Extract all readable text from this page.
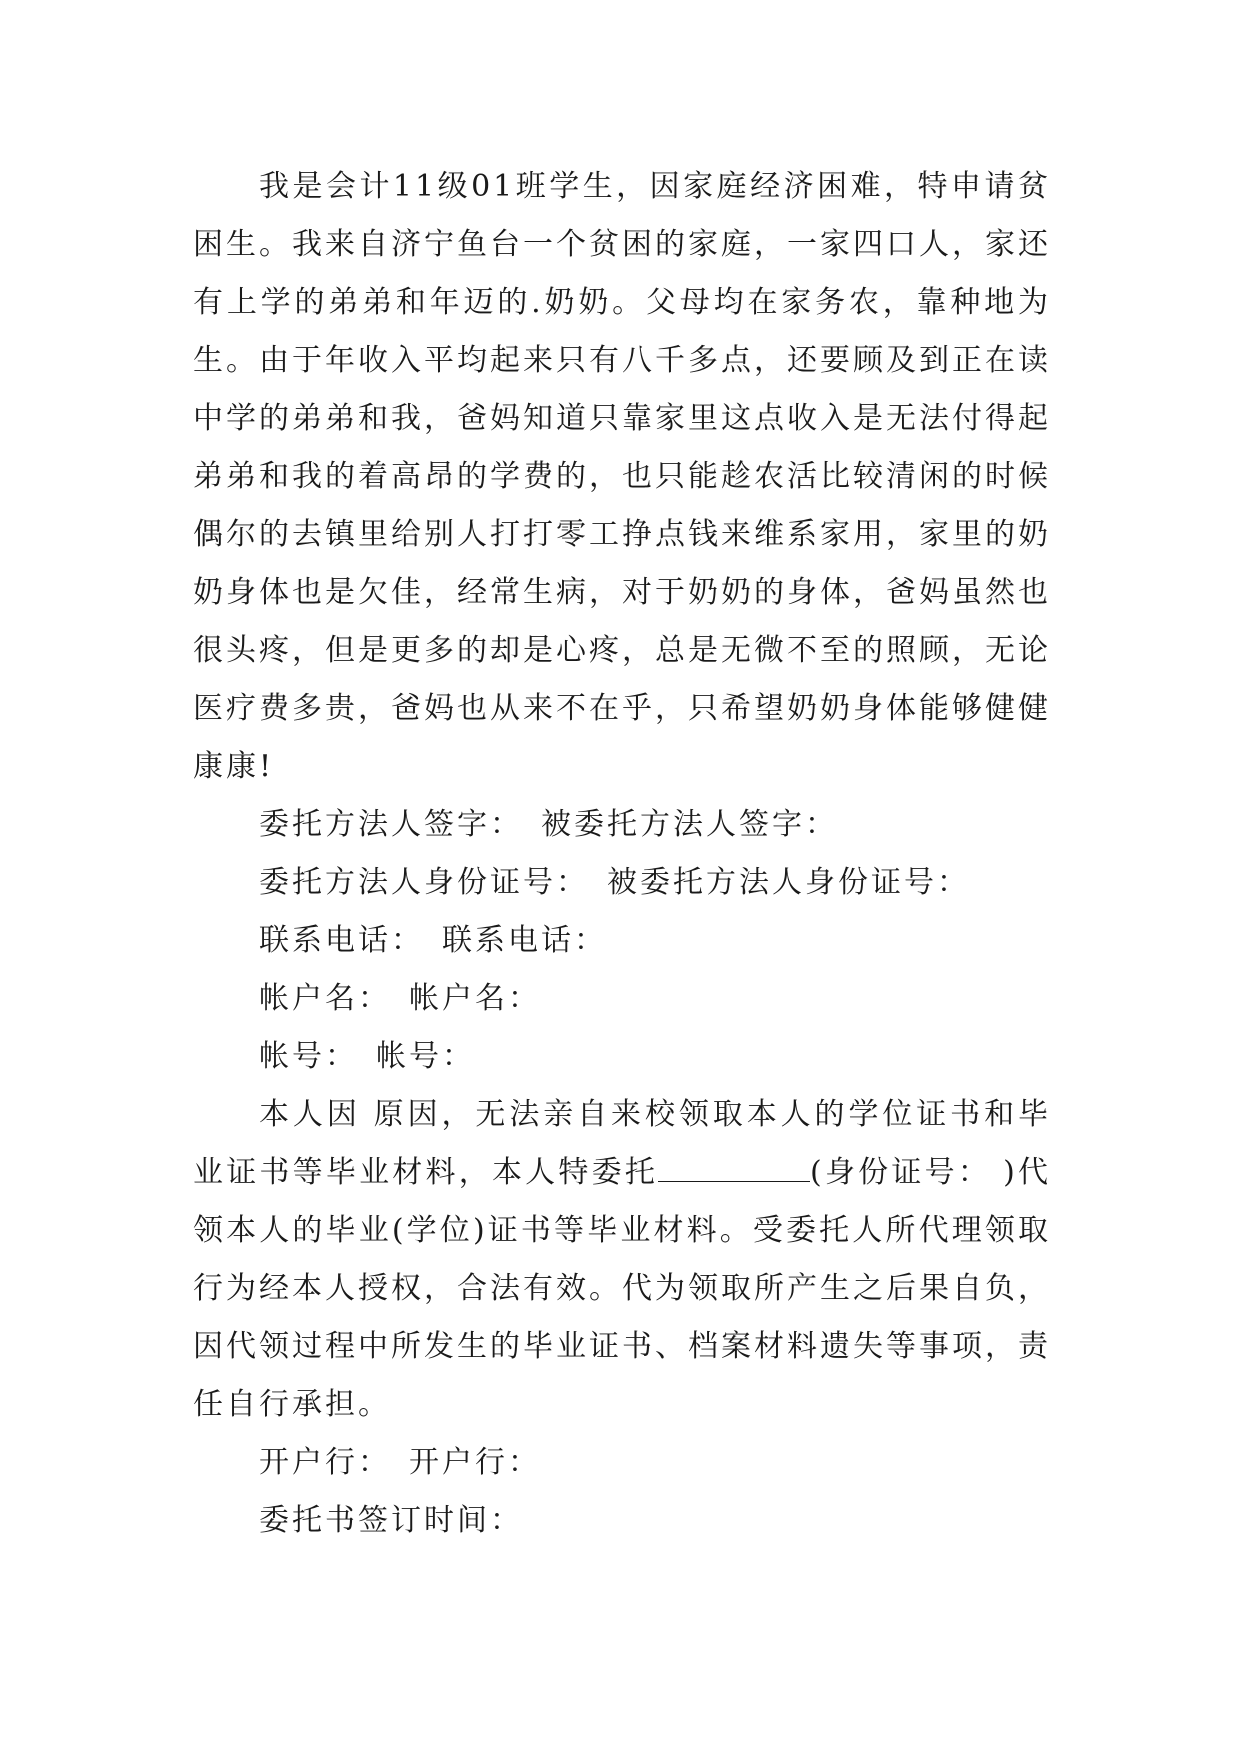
我是会计11级01班学生，因家庭经济困难，特申请贫困生。我来自济宁鱼台一个贫困的家庭，一家四口人，家还有上学的弟弟和年迈的.奶奶。父母均在家务农，靠种地为生。由于年收入平均起来只有八千多点，还要顾及到正在读中学的弟弟和我，爸妈知道只靠家里这点收入是无法付得起弟弟和我的着高昂的学费的，也只能趁农活比较清闲的时候偶尔的去镇里给别人打打零工挣点钱来维系家用，家里的奶奶身体也是欠佳，经常生病，对于奶奶的身体，爸妈虽然也很头疼，但是更多的却是心疼，总是无微不至的照顾，无论医疗费多贵，爸妈也从来不在乎，只希望奶奶身体能够健健康康!

委托方法人签字： 被委托方法人签字：

委托方法人身份证号： 被委托方法人身份证号：

联系电话： 联系电话：

帐户名： 帐户名：

帐号： 帐号：

本人因 原因，无法亲自来校领取本人的学位证书和毕业证书等毕业材料，本人特委托	(身份证号： )代领本人的毕业(学位)证书等毕业材料。受委托人所代理领取行为经本人授权，合法有效。代为领取所产生之后果自负，因代领过程中所发生的毕业证书、档案材料遗失等事项，责任自行承担。

开户行： 开户行：

委托书签订时间：
